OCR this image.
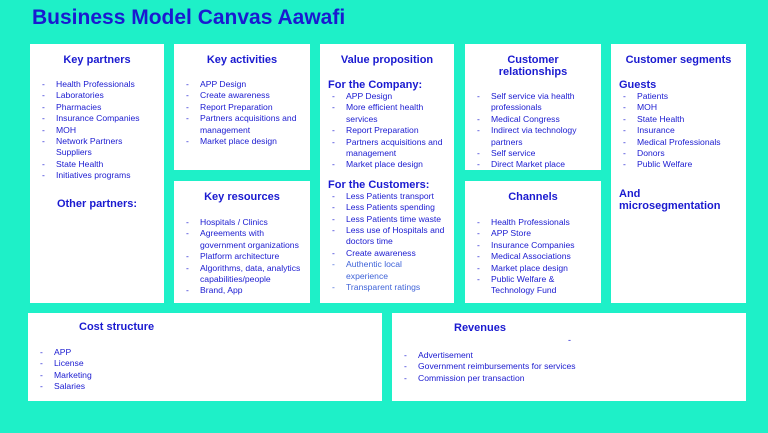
Business Model Canvas Aawafi
Key partners
- Health Professionals
- Laboratories
- Pharmacies
- Insurance Companies
- MOH
- Network Partners Suppliers
- State Health
- Initiatives programs
Other partners:
Key activities
- APP Design
- Create awareness
- Report Preparation
- Partners acquisitions and management
- Market place design
Key resources
- Hospitals / Clinics
- Agreements with government organizations
- Platform architecture
- Algorithms, data, analytics capabilities/people
- Brand, App
Value proposition
For the Company:
- APP Design
- More efficient health services
- Report Preparation
- Partners acquisitions and management
- Market place design
For the Customers:
- Less Patients transport
- Less Patients spending
- Less Patients time waste
- Less use of Hospitals and doctors time
- Create awareness
- Authentic local experience
- Transparent ratings
Customer relationships
- Self service via health professionals
- Medical Congress
- Indirect via technology partners
- Self service
- Direct Market place
Channels
- Health Professionals
- APP Store
- Insurance Companies
- Medical Associations
- Market place design
- Public Welfare & Technology Fund
Customer segments
Guests
- Patients
- MOH
- State Health
- Insurance
- Medical Professionals
- Donors
- Public Welfare
And microsegmentation
Cost structure
- APP
- License
- Marketing
- Salaries
Revenues
-
- Advertisement
- Government reimbursements for services
- Commission per transaction
